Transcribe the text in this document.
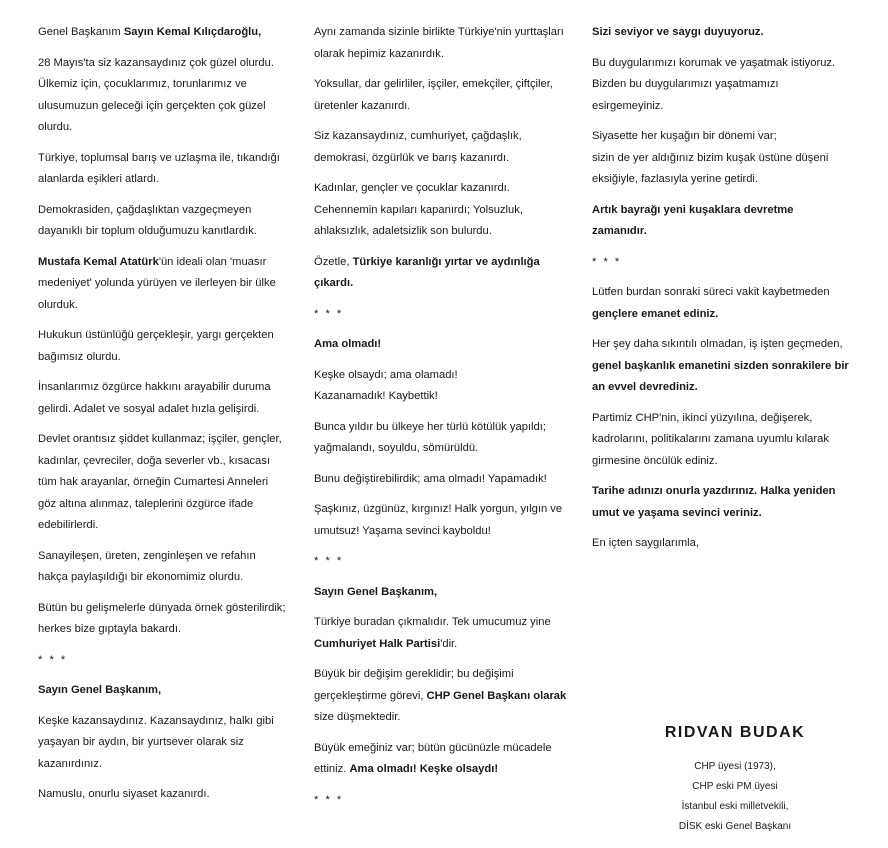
Genel Başkanım Sayın Kemal Kılıçdaroğlu,

28 Mayıs'ta siz kazansaydınız çok güzel olurdu. Ülkemiz için, çocuklarımız, torunlarımız ve ulusumuzun geleceği için gerçekten çok güzel olurdu.

Türkiye, toplumsal barış ve uzlaşma ile, tıkandığı alanlarda eşikleri atlardı.

Demokrasiden, çağdaşlıktan vazgeçmeyen dayanıklı bir toplum olduğumuzu kanıtlardık.

Mustafa Kemal Atatürk'ün ideali olan 'muasır medeniyet' yolunda yürüyen ve ilerleyen bir ülke olurduk.

Hukukun üstünlüğü gerçekleşir, yargı gerçekten bağımsız olurdu.

İnsanlarımız özgürce hakkını arayabilir duruma gelirdi. Adalet ve sosyal adalet hızla gelişirdi.

Devlet orantısız şiddet kullanmaz; işçiler, gençler, kadınlar, çevreciler, doğa severler vb., kısacası tüm hak arayanlar, örneğin Cumartesi Anneleri göz altına alınmaz, taleplerini özgürce ifade edebilirlerdi.

Sanayileşen, üreten, zenginleşen ve refahın hakça paylaşıldığı bir ekonomimiz olurdu.

Bütün bu gelişmelerle dünyada örnek gösterilirdik; herkes bize gıptayla bakardı.

* * *

Sayın Genel Başkanım,

Keşke kazansaydınız. Kazansaydınız, halkı gibi yaşayan bir aydın, bir yurtsever olarak siz kazanırdınız.

Namuslu, onurlu siyaset kazanırdı.

Aynı zamanda sizinle birlikte Türkiye'nin yurttaşları olarak hepimiz kazanırdık.

Yoksullar, dar gelirliler, işçiler, emekçiler, çiftçiler, üretenler kazanırdı.

Siz kazansaydınız, cumhuriyet, çağdaşlık, demokrasi, özgürlük ve barış kazanırdı.

Kadınlar, gençler ve çocuklar kazanırdı. Cehennemin kapıları kapanırdı; Yolsuzluk, ahlaksızlık, adaletsizlik son bulurdu.

Özetle, Türkiye karanlığı yırtar ve aydınlığa çıkardı.

* * *

Ama olmadı!

Keşke olsaydı; ama olamadı!
Kazanamadık! Kaybettik!

Bunca yıldır bu ülkeye her türlü kötülük yapıldı; yağmalandı, soyuldu, sömürüldü.

Bunu değiştirebilirdik; ama olmadı! Yapamadık!

Şaşkınız, üzgünüz, kırgınız! Halk yorgun, yılgın ve umutsuz! Yaşama sevinci kayboldu!

* * *

Sayın Genel Başkanım,

Türkiye buradan çıkmalıdır. Tek umucumuz yine Cumhuriyet Halk Partisi'dir.

Büyük bir değişim gereklidir; bu değişimi gerçekleştirme görevi, CHP Genel Başkanı olarak size düşmektedir.

Büyük emeğiniz var; bütün gücünüzle mücadele ettiniz. Ama olmadı! Keşke olsaydı!

* * *

Sizi seviyor ve saygı duyuyoruz.

Bu duygularımızı korumak ve yaşatmak istiyoruz. Bizden bu duygularımızı yaşatmamızı esirgemeyiniz.

Siyasette her kuşağın bir dönemi var;
sizin de yer aldığınız bizim kuşak üstüne düşeni eksiğiyle, fazlasıyla yerine getirdi.

Artık bayrağı yeni kuşaklara devretme zamanıdır.

* * *

Lütfen burdan sonraki süreci vakit kaybetmeden gençlere emanet ediniz.

Her şey daha sıkıntılı olmadan, iş işten geçmeden, genel başkanlık emanetini sizden sonrakilere bir an evvel devrediniz.

Partimiz CHP'nin, ikinci yüzyılına, değişerek, kadrolarını, politikalarını zamana uyumlu kılarak girmesine öncülük ediniz.

Tarihe adınızı onurla yazdırınız. Halka yeniden umut ve yaşama sevinci veriniz.

En içten saygılarımla,

RIDVAN BUDAK
CHP üyesi (1973),
CHP eski PM üyesi
İstanbul eski milletvekili,
DİSK eski Genel Başkanı
